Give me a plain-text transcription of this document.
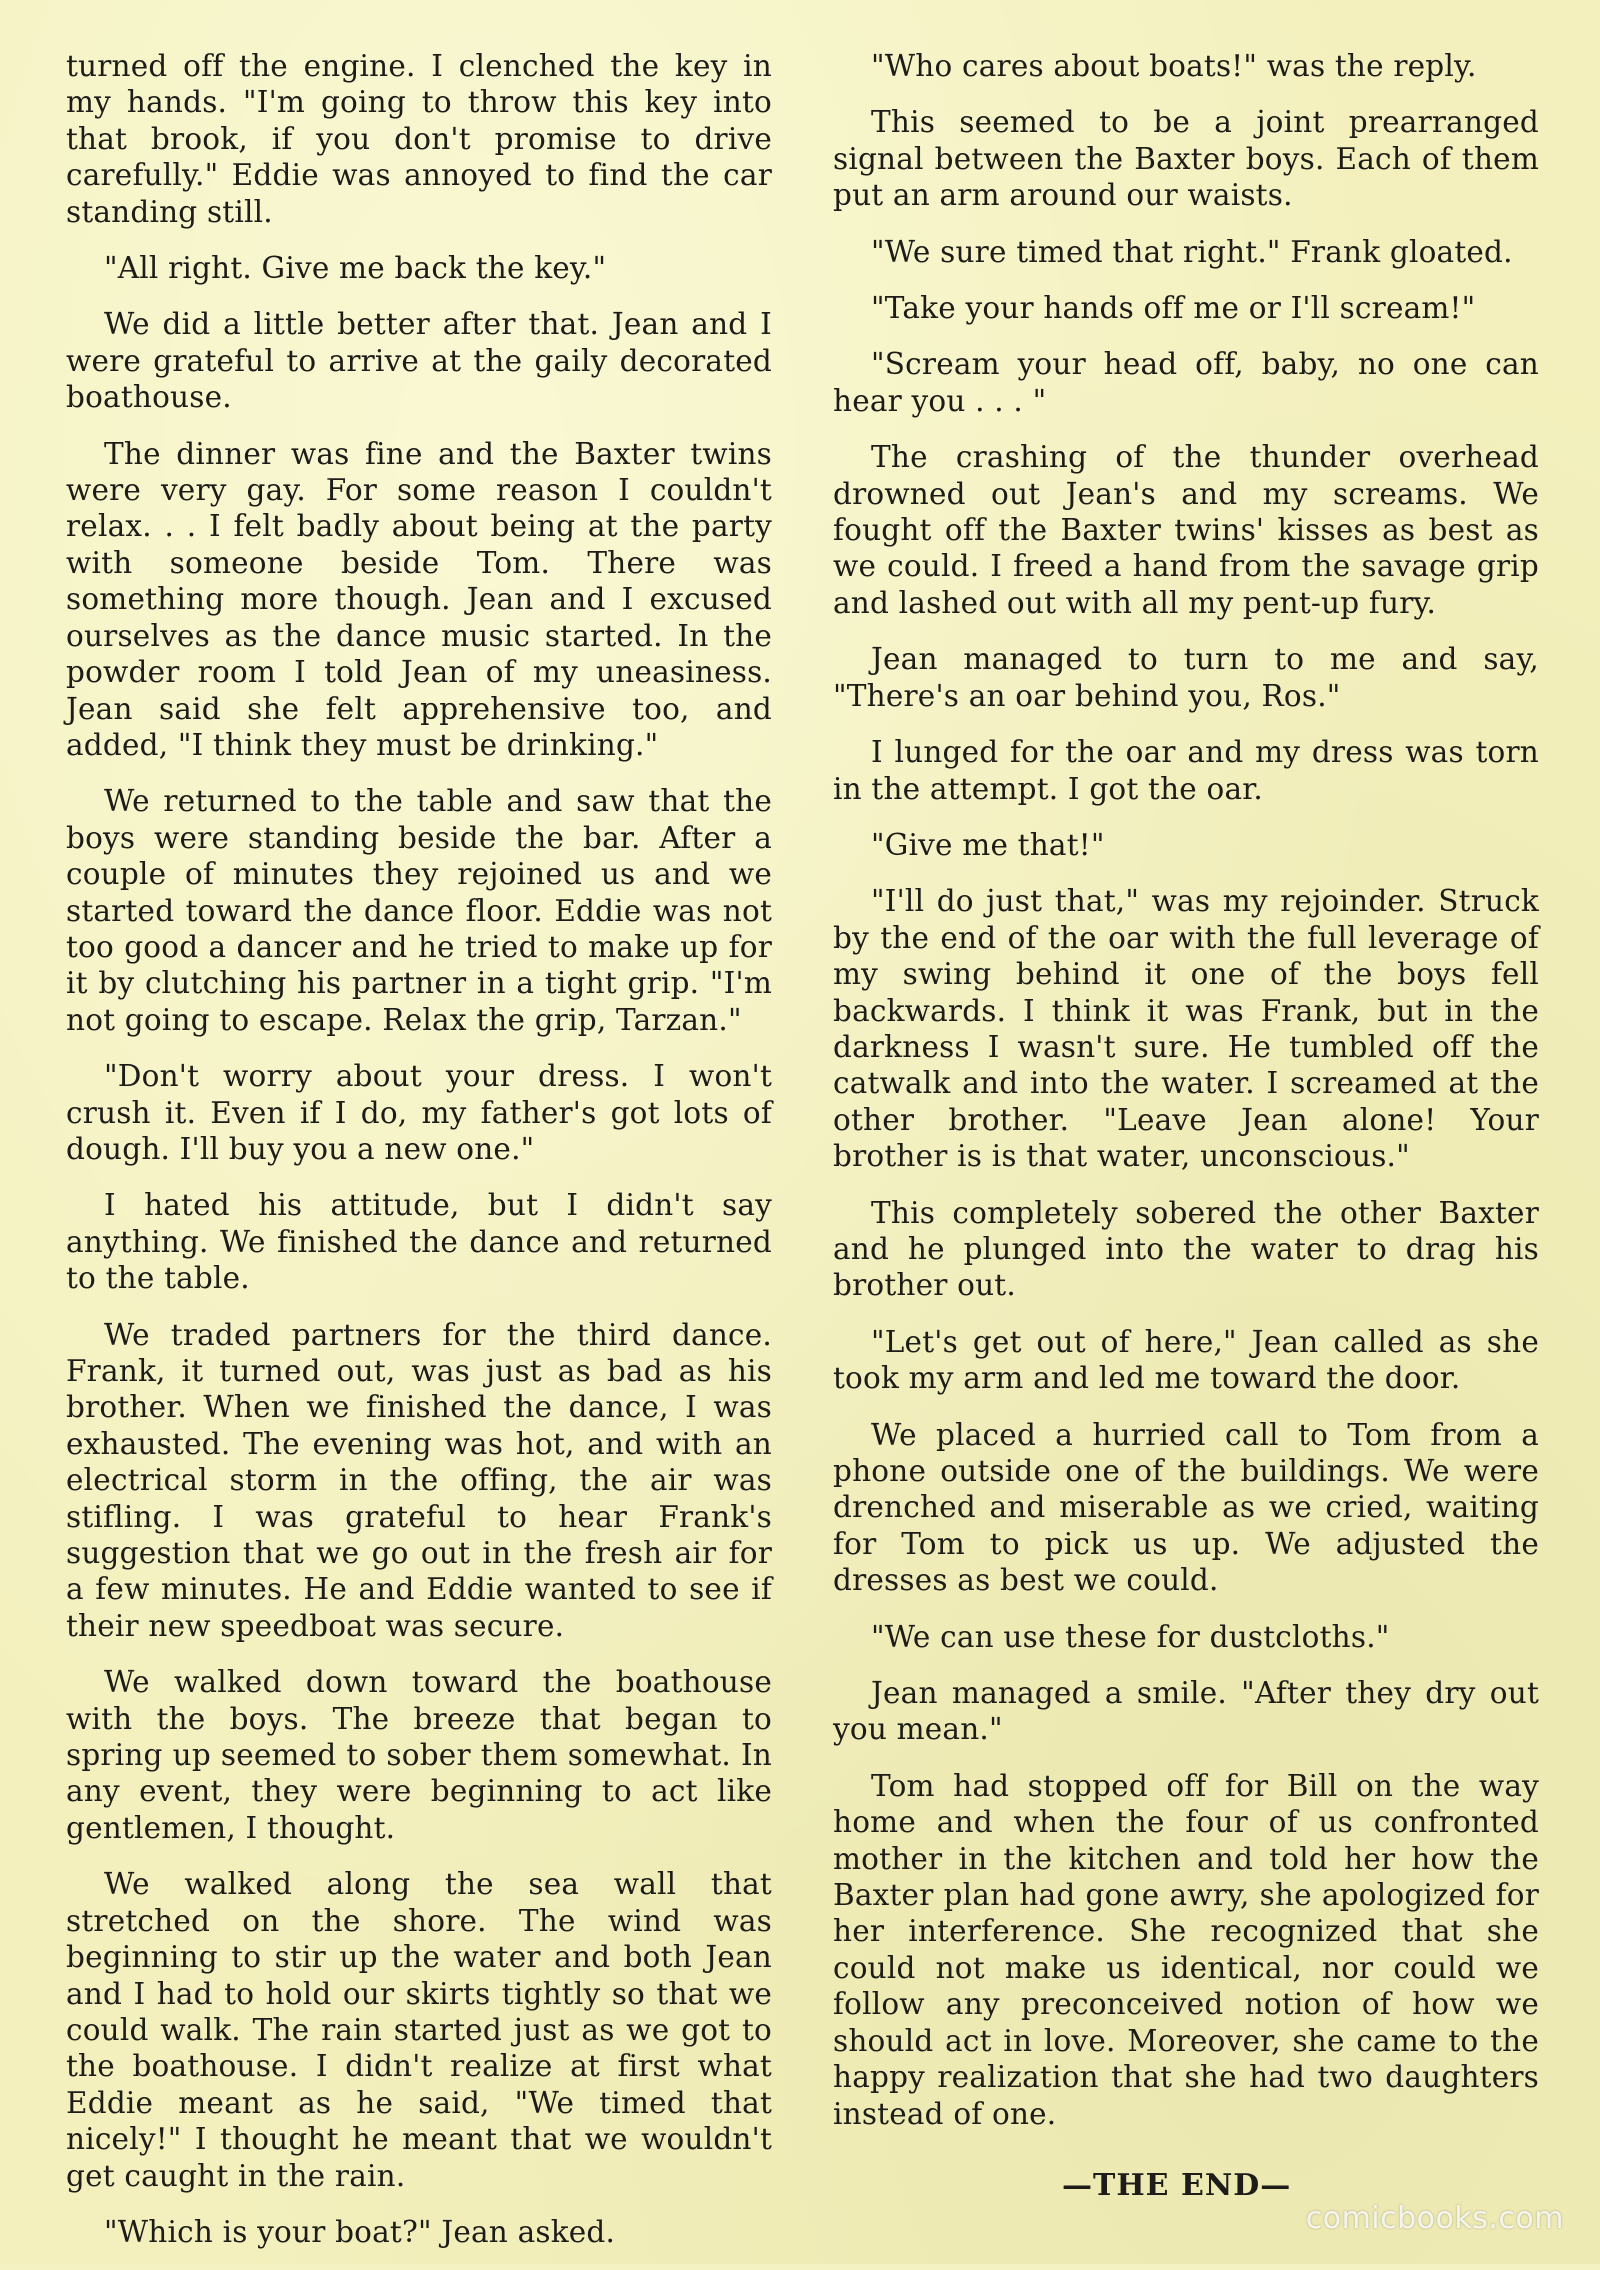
turned off the engine. I clenched the key in my hands. "I'm going to throw this key into that brook, if you don't promise to drive carefully." Eddie was annoyed to find the car standing still.

"All right. Give me back the key."

We did a little better after that. Jean and I were grateful to arrive at the gaily decorated boathouse.

The dinner was fine and the Baxter twins were very gay. For some reason I couldn't relax. . . I felt badly about being at the party with someone beside Tom. There was something more though. Jean and I excused ourselves as the dance music started. In the powder room I told Jean of my uneasiness. Jean said she felt apprehensive too, and added, "I think they must be drinking."

We returned to the table and saw that the boys were standing beside the bar. After a couple of minutes they rejoined us and we started toward the dance floor. Eddie was not too good a dancer and he tried to make up for it by clutching his partner in a tight grip. "I'm not going to escape. Relax the grip, Tarzan."

"Don't worry about your dress. I won't crush it. Even if I do, my father's got lots of dough. I'll buy you a new one."

I hated his attitude, but I didn't say anything. We finished the dance and returned to the table.

We traded partners for the third dance. Frank, it turned out, was just as bad as his brother. When we finished the dance, I was exhausted. The evening was hot, and with an electrical storm in the offing, the air was stifling. I was grateful to hear Frank's suggestion that we go out in the fresh air for a few minutes. He and Eddie wanted to see if their new speedboat was secure.

We walked down toward the boathouse with the boys. The breeze that began to spring up seemed to sober them somewhat. In any event, they were beginning to act like gentlemen, I thought.

We walked along the sea wall that stretched on the shore. The wind was beginning to stir up the water and both Jean and I had to hold our skirts tightly so that we could walk. The rain started just as we got to the boathouse. I didn't realize at first what Eddie meant as he said, "We timed that nicely!" I thought he meant that we wouldn't get caught in the rain.

"Which is your boat?" Jean asked.

"Who cares about boats!" was the reply.

This seemed to be a joint prearranged signal between the Baxter boys. Each of them put an arm around our waists.

"We sure timed that right." Frank gloated.

"Take your hands off me or I'll scream!"

"Scream your head off, baby, no one can hear you . . . "

The crashing of the thunder overhead drowned out Jean's and my screams. We fought off the Baxter twins' kisses as best as we could. I freed a hand from the savage grip and lashed out with all my pent-up fury.

Jean managed to turn to me and say, "There's an oar behind you, Ros."

I lunged for the oar and my dress was torn in the attempt. I got the oar.

"Give me that!"

"I'll do just that," was my rejoinder. Struck by the end of the oar with the full leverage of my swing behind it one of the boys fell backwards. I think it was Frank, but in the darkness I wasn't sure. He tumbled off the catwalk and into the water. I screamed at the other brother. "Leave Jean alone! Your brother is is that water, unconscious."

This completely sobered the other Baxter and he plunged into the water to drag his brother out.

"Let's get out of here," Jean called as she took my arm and led me toward the door.

We placed a hurried call to Tom from a phone outside one of the buildings. We were drenched and miserable as we cried, waiting for Tom to pick us up. We adjusted the dresses as best we could.

"We can use these for dustcloths."

Jean managed a smile. "After they dry out you mean."

Tom had stopped off for Bill on the way home and when the four of us confronted mother in the kitchen and told her how the Baxter plan had gone awry, she apologized for her interference. She recognized that she could not make us identical, nor could we follow any preconceived notion of how we should act in love. Moreover, she came to the happy realization that she had two daughters instead of one.

—THE END—
comicbooks.com
